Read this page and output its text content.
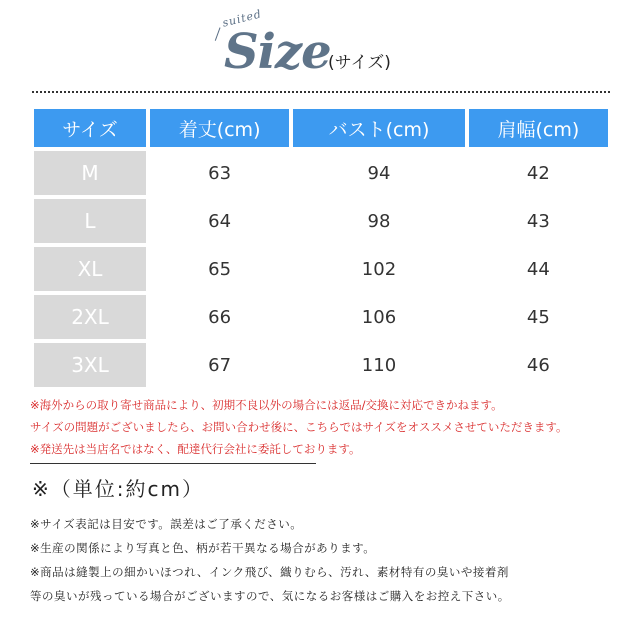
suited
Size
(サイズ)
サイズ	着丈(cm)	バスト(cm)	肩幅(cm)
M	63	94	42
L	64	98	43
XL	65	102	44
2XL	66	106	45
3XL	67	110	46
※海外からの取り寄せ商品により、初期不良以外の場合には返品/交換に対応できかねます。
サイズの問題がございましたら、お問い合わせ後に、こちらではサイズをオススメさせていただきます。
※発送先は当店名ではなく、配達代行会社に委託しております。
※（単位:約cm）
※サイズ表記は目安です。誤差はご了承ください。
※生産の関係により写真と色、柄が若干異なる場合があります。
※商品は縫製上の細かいほつれ、インク飛び、織りむら、汚れ、素材特有の臭いや接着剤
等の臭いが残っている場合がございますので、気になるお客様はご購入をお控え下さい。
